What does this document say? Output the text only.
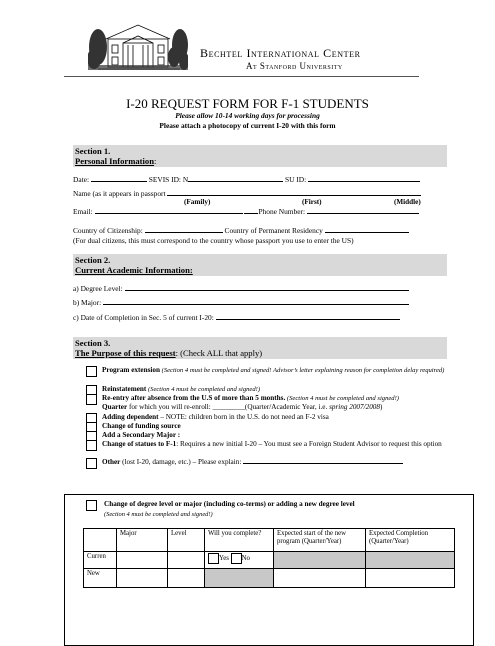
Bechtel International Center
At Stanford University
I-20 REQUEST FORM FOR F-1 STUDENTS
Please allow 10-14 working days for processing
Please attach a photocopy of current I-20 with this form
Section 1.
Personal Information:
Date:	SEVIS ID: N	SU ID:
Name (as it appears in passport
(Family)	(First)	(Middle)
Email:	Phone Number:
Country of Citizenship:	Country of Permanent Residency
(For dual citizens, this must correspond to the country whose passport you use to enter the US)
Section 2.
Current Academic Information:
a) Degree Level:
b) Major:
c) Date of Completion in Sec. 5 of current I-20:
Section 3.
The Purpose of this request: (Check ALL that apply)
Program extension (Section 4 must be completed and signed! Advisor’s letter explaining reason for completion delay required)
Reinstatement (Section 4 must be completed and signed!)
Re-entry after absence from the U.S of more than 5 months. (Section 4 must be completed and signed!)
Quarter for which you will re-enroll: _________(Quarter/Academic Year, i.e. spring 2007/2008)
Adding dependent – NOTE: children born in the U.S. do not need an F-2 visa
Change of funding source
Add a Secondary Major :
Change of statues to F-1: Requires a new initial I-20 – You must see a Foreign Student Advisor to request this option
Other (lost I-20, damage, etc.) – Please explain:
Change of degree level or major (including co-terms) or adding a new degree level
(Section 4 must be completed and signed!)
	Major	Level	Will you complete?	Expected start of the new program (Quarter/Year)	Expected Completion (Quarter/Year)
Curren			Yes No		
New					
